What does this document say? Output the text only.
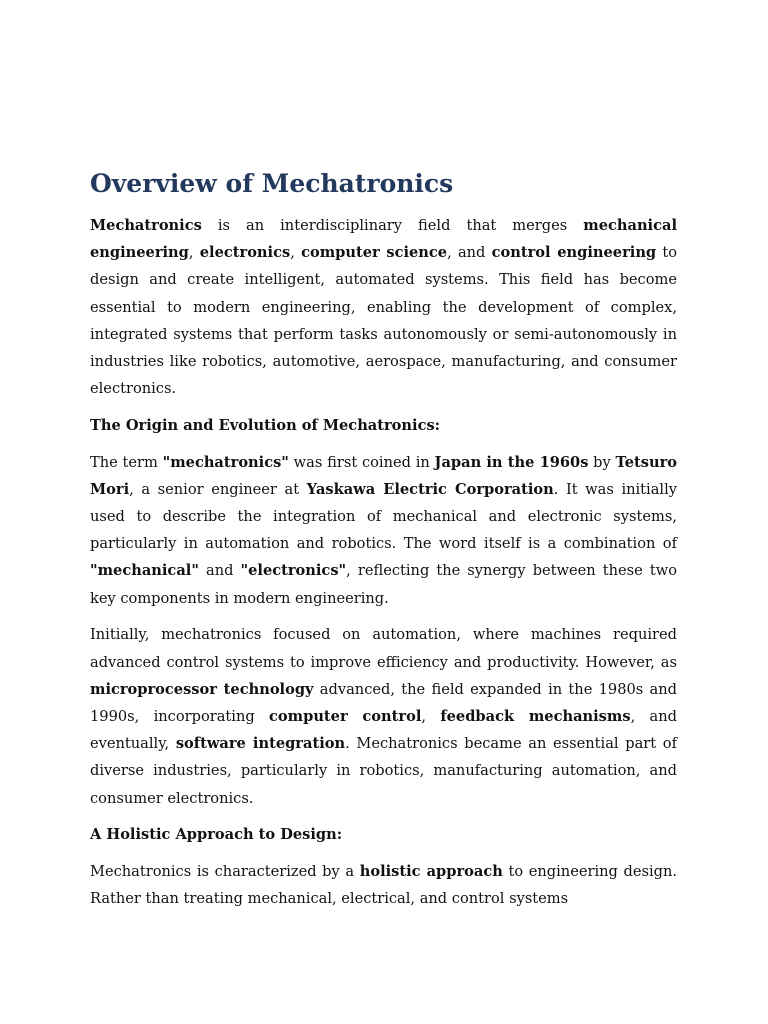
Overview of Mechatronics

Mechatronics is an interdisciplinary field that merges mechanical engineering, electronics, computer science, and control engineering to design and create intelligent, automated systems. This field has become essential to modern engineering, enabling the development of complex, integrated systems that perform tasks autonomously or semi-autonomously in industries like robotics, automotive, aerospace, manufacturing, and consumer electronics.

The Origin and Evolution of Mechatronics:

The term "mechatronics" was first coined in Japan in the 1960s by Tetsuro Mori, a senior engineer at Yaskawa Electric Corporation. It was initially used to describe the integration of mechanical and electronic systems, particularly in automation and robotics. The word itself is a combination of "mechanical" and "electronics", reflecting the synergy between these two key components in modern engineering.

Initially, mechatronics focused on automation, where machines required advanced control systems to improve efficiency and productivity. However, as microprocessor technology advanced, the field expanded in the 1980s and 1990s, incorporating computer control, feedback mechanisms, and eventually, software integration. Mechatronics became an essential part of diverse industries, particularly in robotics, manufacturing automation, and consumer electronics.

A Holistic Approach to Design:

Mechatronics is characterized by a holistic approach to engineering design. Rather than treating mechanical, electrical, and control systems
